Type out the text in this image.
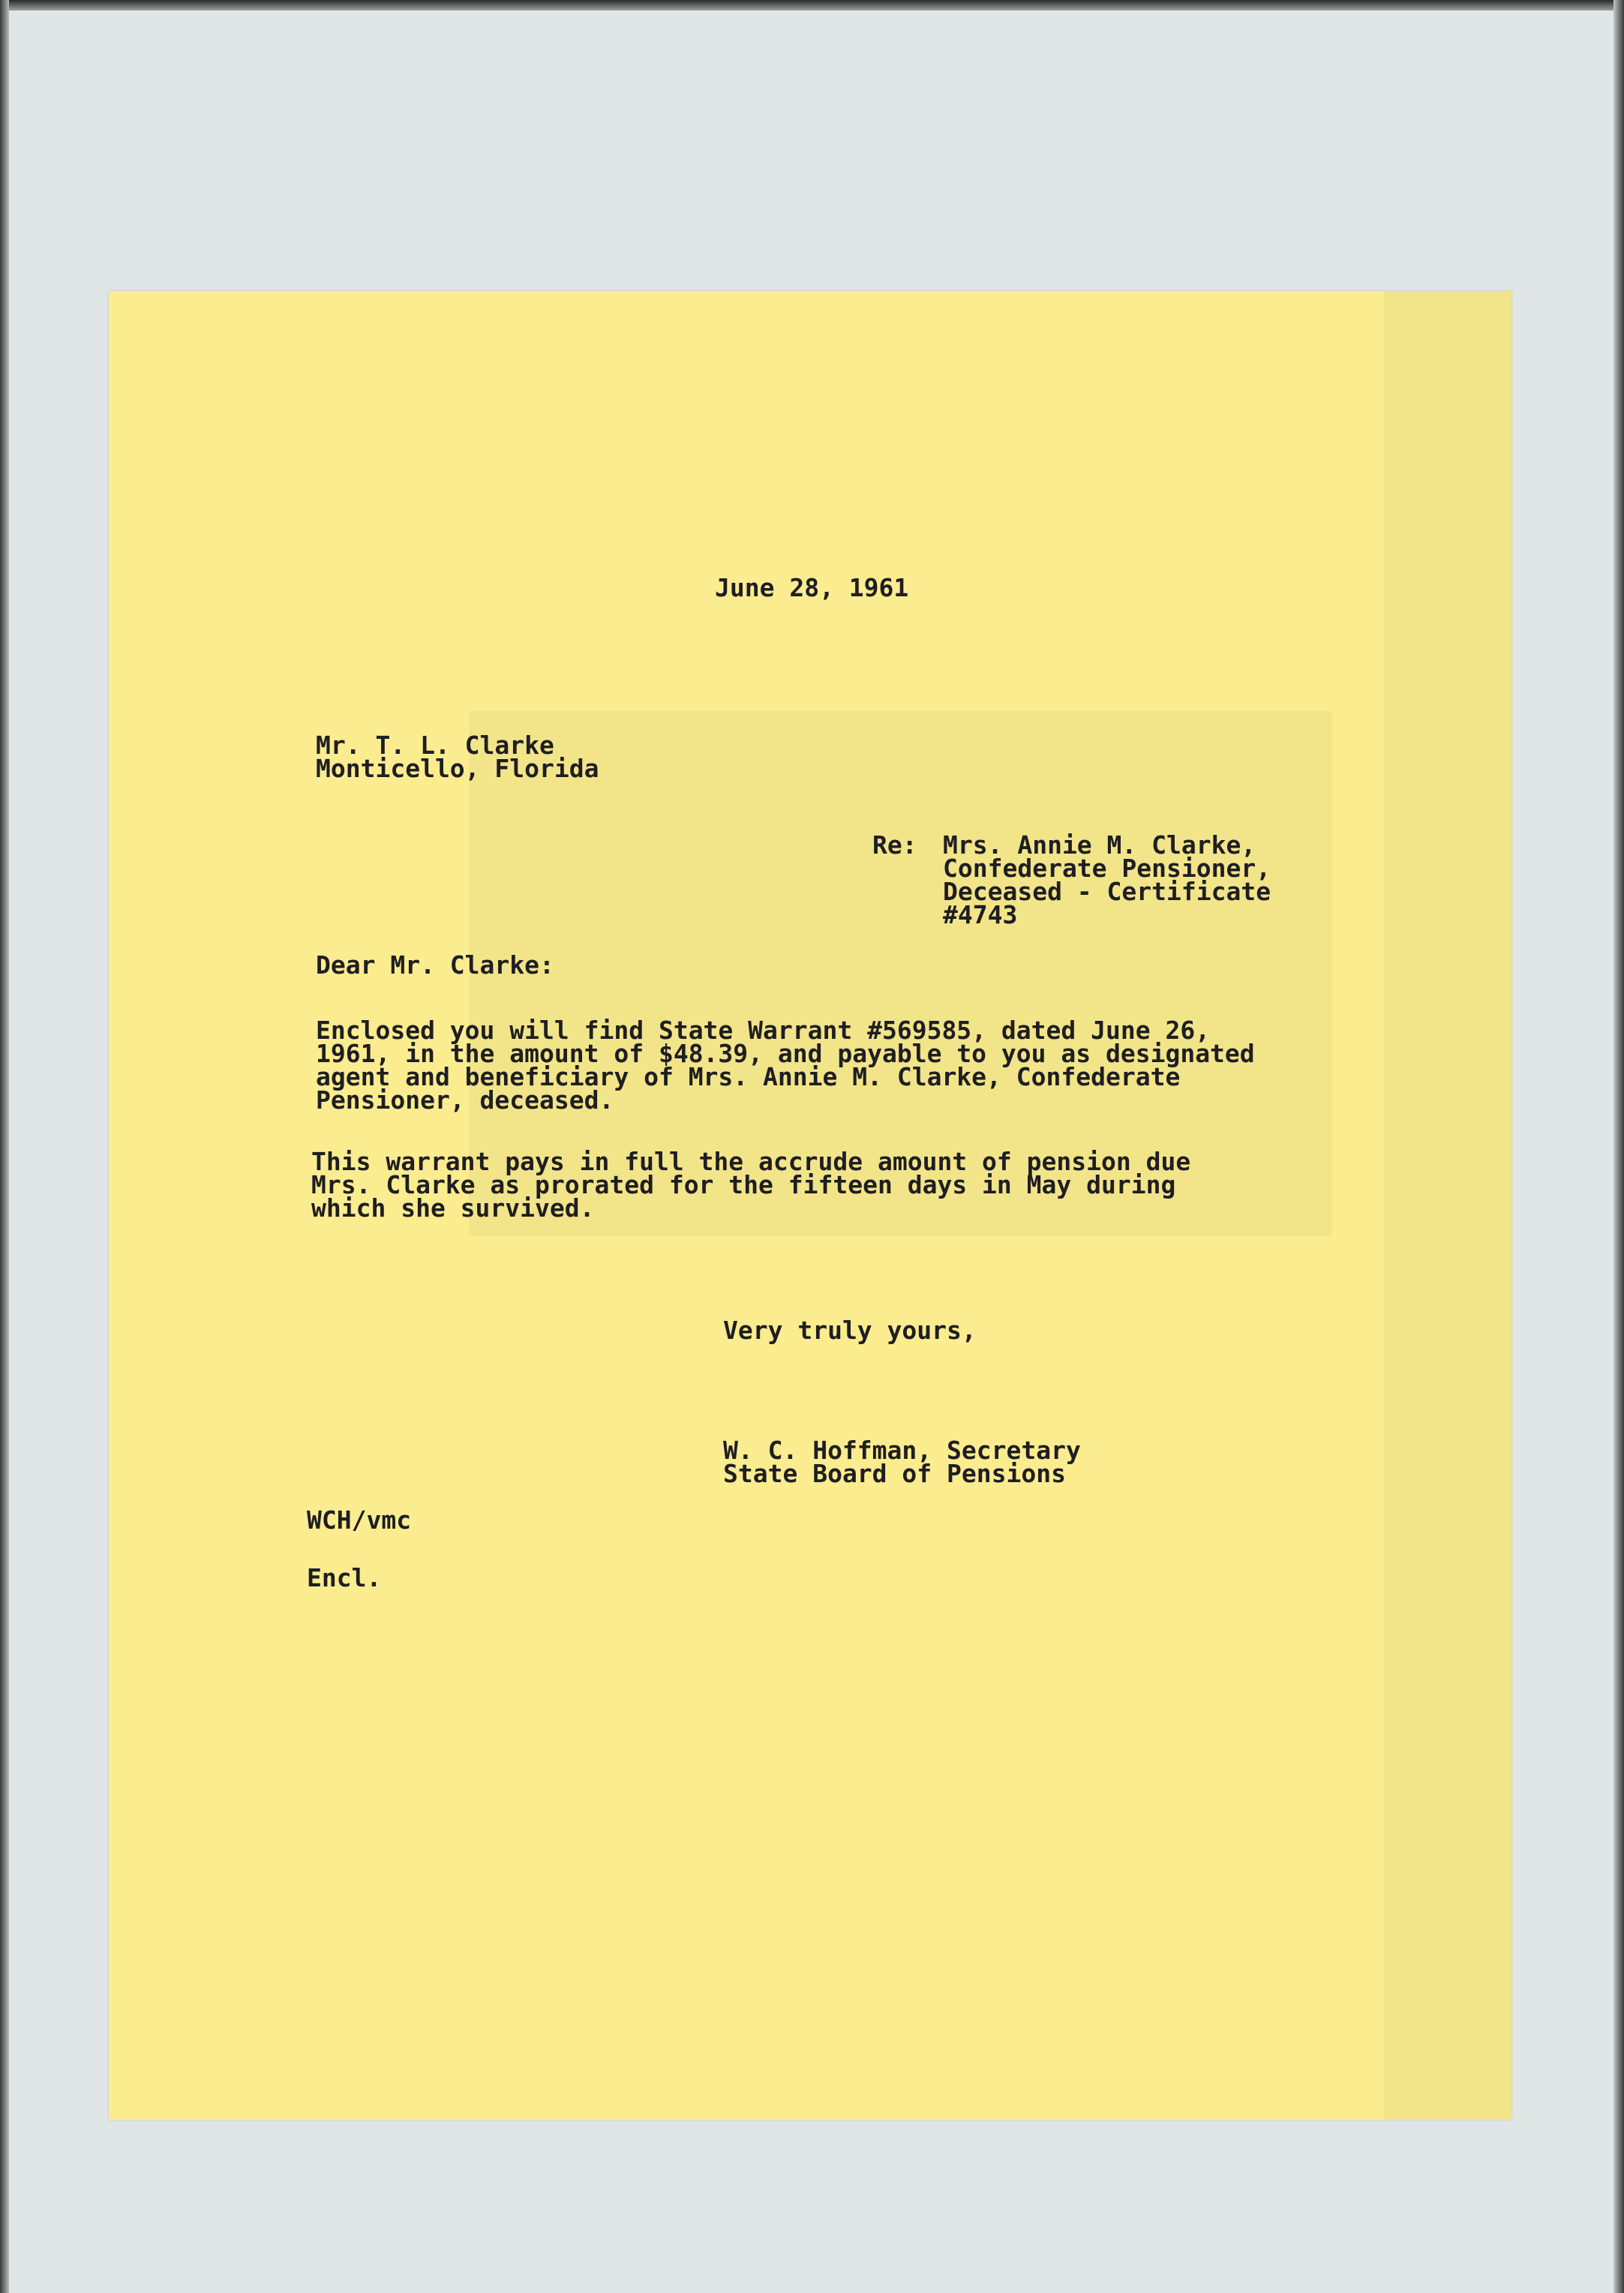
June 28, 1961

Mr. T. L. Clarke
Monticello, Florida

Re: Mrs. Annie M. Clarke,
Confederate Pensioner,
Deceased - Certificate
#4743

Dear Mr. Clarke:

Enclosed you will find State Warrant #569585, dated June 26,
1961, in the amount of $48.39, and payable to you as designated
agent and beneficiary of Mrs. Annie M. Clarke, Confederate
Pensioner, deceased.
This warrant pays in full the accrude amount of pension due
Mrs. Clarke as prorated for the fifteen days in May during
which she survived.

Very truly yours,

W. C. Hoffman, Secretary
State Board of Pensions

WCH/vmc

Encl.
